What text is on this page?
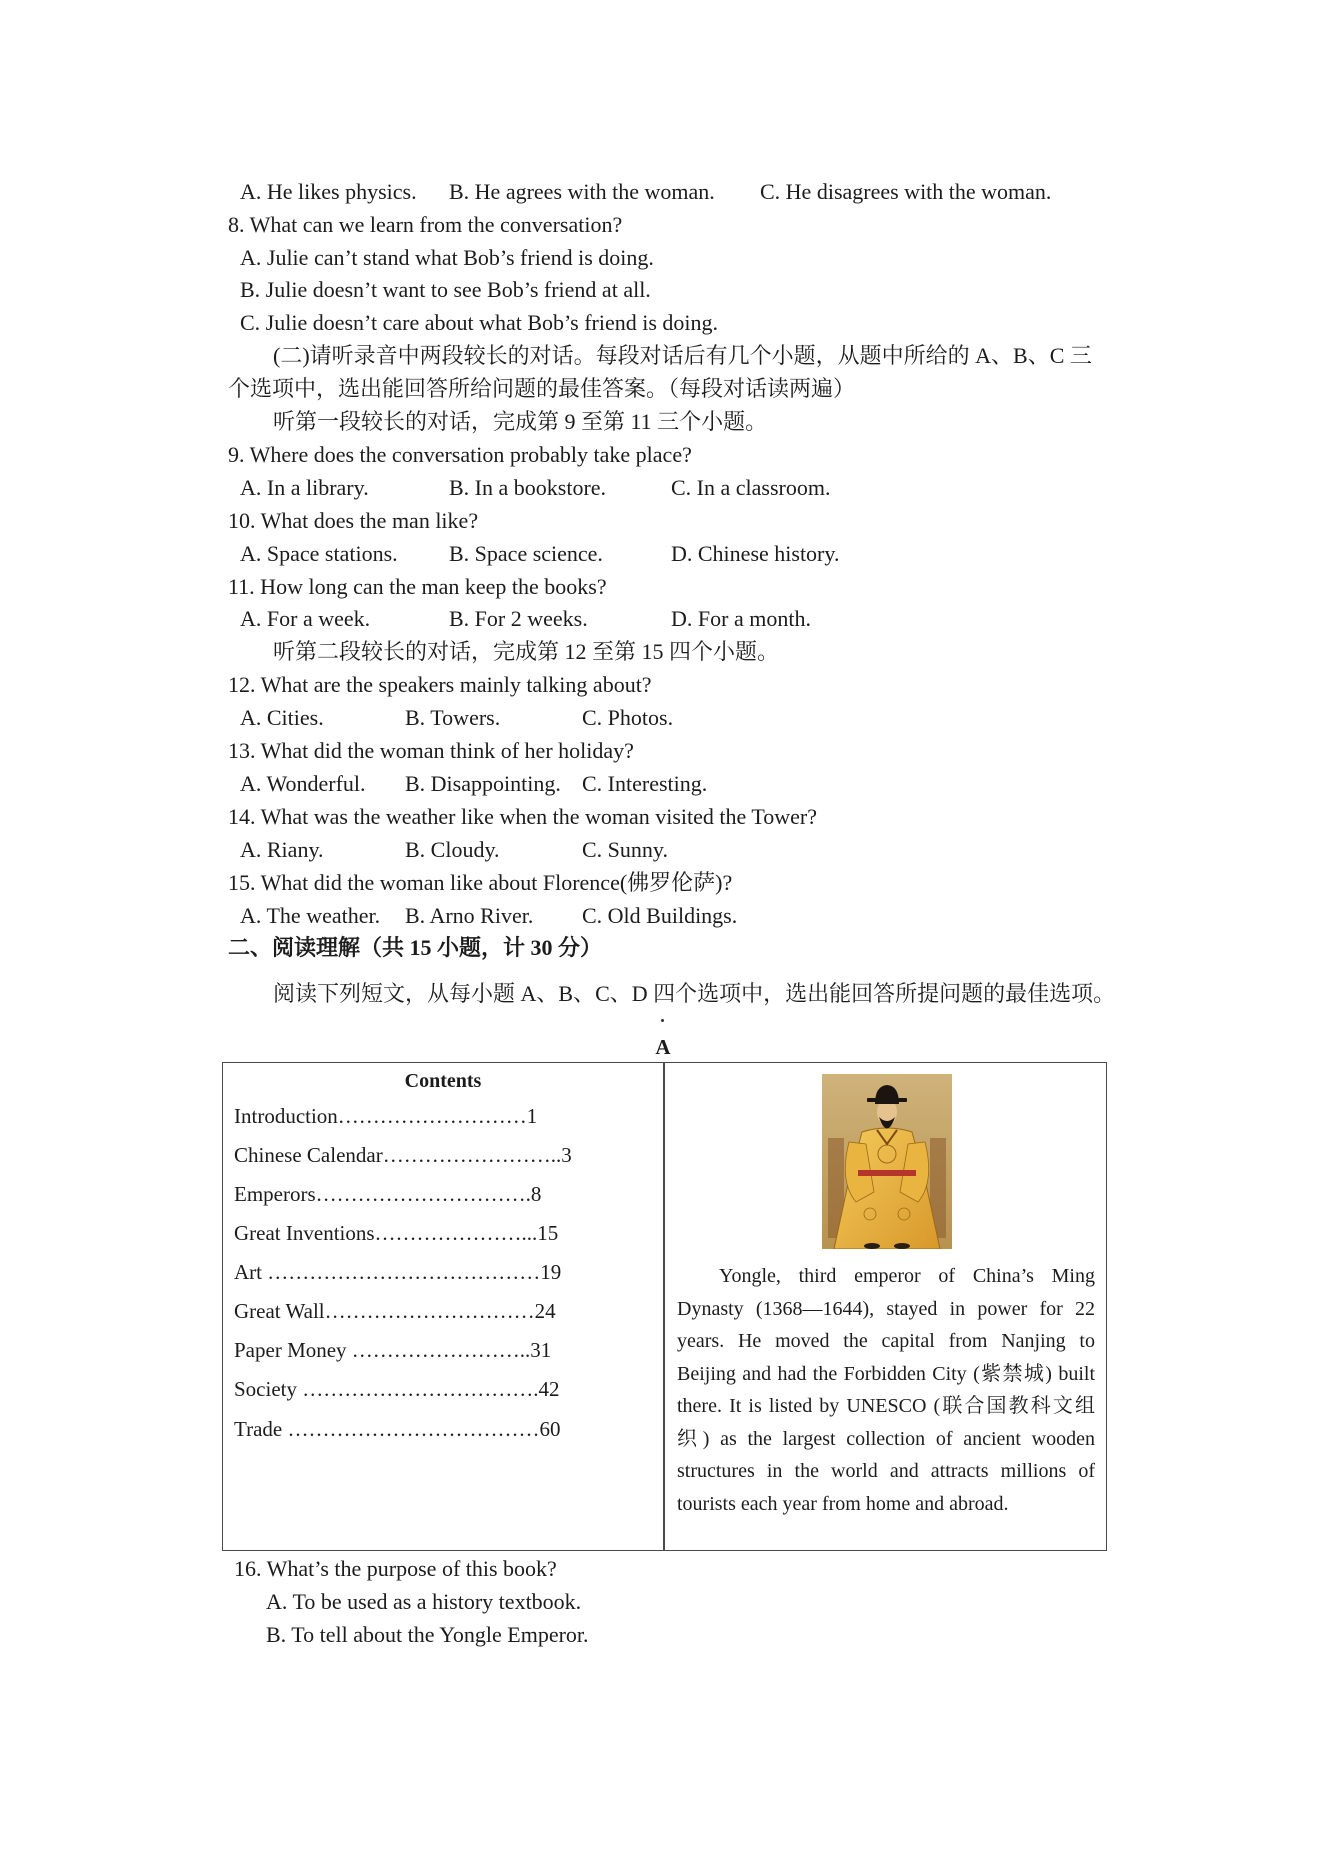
A. He likes physics. B. He agrees with the woman. C. He disagrees with the woman.
8. What can we learn from the conversation?
A. Julie can’t stand what Bob’s friend is doing.
B. Julie doesn’t want to see Bob’s friend at all.
C. Julie doesn’t care about what Bob’s friend is doing.
(二)请听录音中两段较长的对话。每段对话后有几个小题，从题中所给的 A、B、C 三
个选项中，选出能回答所给问题的最佳答案。（每段对话读两遍）
听第一段较长的对话，完成第 9 至第 11 三个小题。
9. Where does the conversation probably take place?
A. In a library.	B. In a bookstore.	C. In a classroom.
10. What does the man like?
A. Space stations. B. Space science.	D. Chinese history.
11. How long can the man keep the books?
A. For a week.	B. For 2 weeks.	D. For a month.
听第二段较长的对话，完成第 12 至第 15 四个小题。
12. What are the speakers mainly talking about?
A. Cities.	B. Towers.	C. Photos.
13. What did the woman think of her holiday?
A. Wonderful. B. Disappointing. C. Interesting.
14. What was the weather like when the woman visited the Tower?
A. Riany.	B. Cloudy.	C. Sunny.
15. What did the woman like about Florence(佛罗伦萨)?
A. The weather. B. Arno River. C. Old Buildings.
二、阅读理解（共 15 小题，计 30 分）
阅读下列短文，从每小题 A、B、C、D 四个选项中，选出能回答所提问题的最佳选项。
A
Contents
Introduction………………………1
Chinese Calendar……………………..3
Emperors………………………….8
Great Inventions…………………...15
Art …………………………………19
Great Wall…………………………24
Paper Money ……………………..31
Society …………………………….42
Trade ………………………………60
Yongle, third emperor of China’s Ming
Dynasty (1368—1644), stayed in power for 22
years. He moved the capital from Nanjing to
Beijing and had the Forbidden City (紫禁城) built
there. It is listed by UNESCO (联合国教科文组
织) as the largest collection of ancient wooden
structures in the world and attracts millions of
tourists each year from home and abroad.
16. What’s the purpose of this book?
A. To be used as a history textbook.
B. To tell about the Yongle Emperor.
